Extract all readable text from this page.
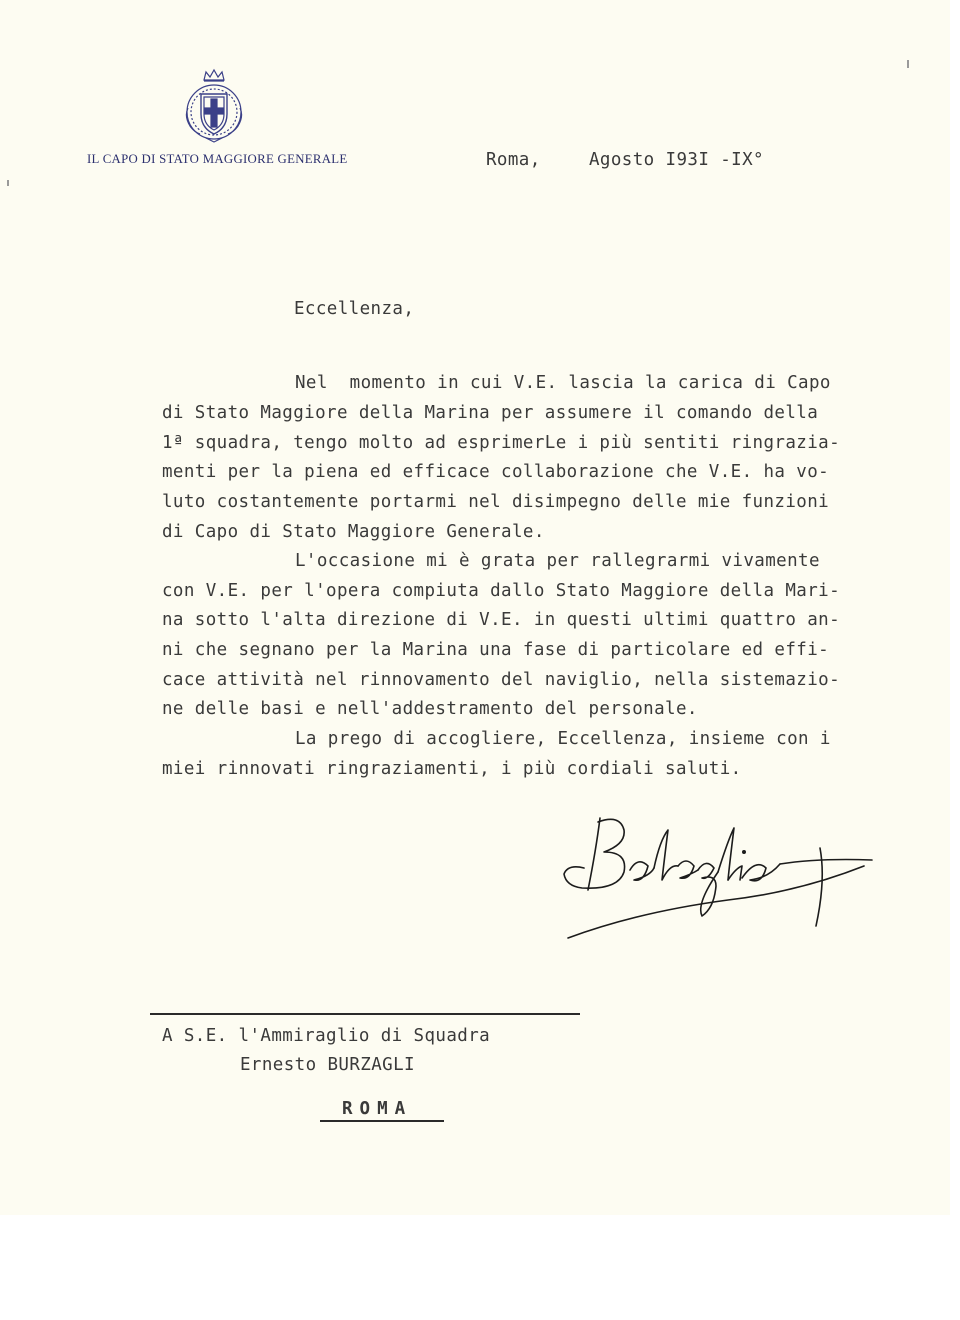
IL CAPO DI STATO MAGGIORE GENERALE	Roma,	Agosto I93I -IX°
Eccellenza,
Nel  momento in cui V.E. lascia la carica di Capo
di Stato Maggiore della Marina per assumere il comando della
1ª squadra, tengo molto ad esprimerLe i più sentiti ringrazia-
menti per la piena ed efficace collaborazione che V.E. ha vo-
luto costantemente portarmi nel disimpegno delle mie funzioni
di Capo di Stato Maggiore Generale.
L'occasione mi è grata per rallegrarmi vivamente
con V.E. per l'opera compiuta dallo Stato Maggiore della Mari-
na sotto l'alta direzione di V.E. in questi ultimi quattro an-
ni che segnano per la Marina una fase di particolare ed effi-
cace attività nel rinnovamento del naviglio, nella sistemazio-
ne delle basi e nell'addestramento del personale.
La prego di accogliere, Eccellenza, insieme con i
miei rinnovati ringraziamenti, i più cordiali saluti.
A S.E. l'Ammiraglio di Squadra
Ernesto BURZAGLI
ROMA
